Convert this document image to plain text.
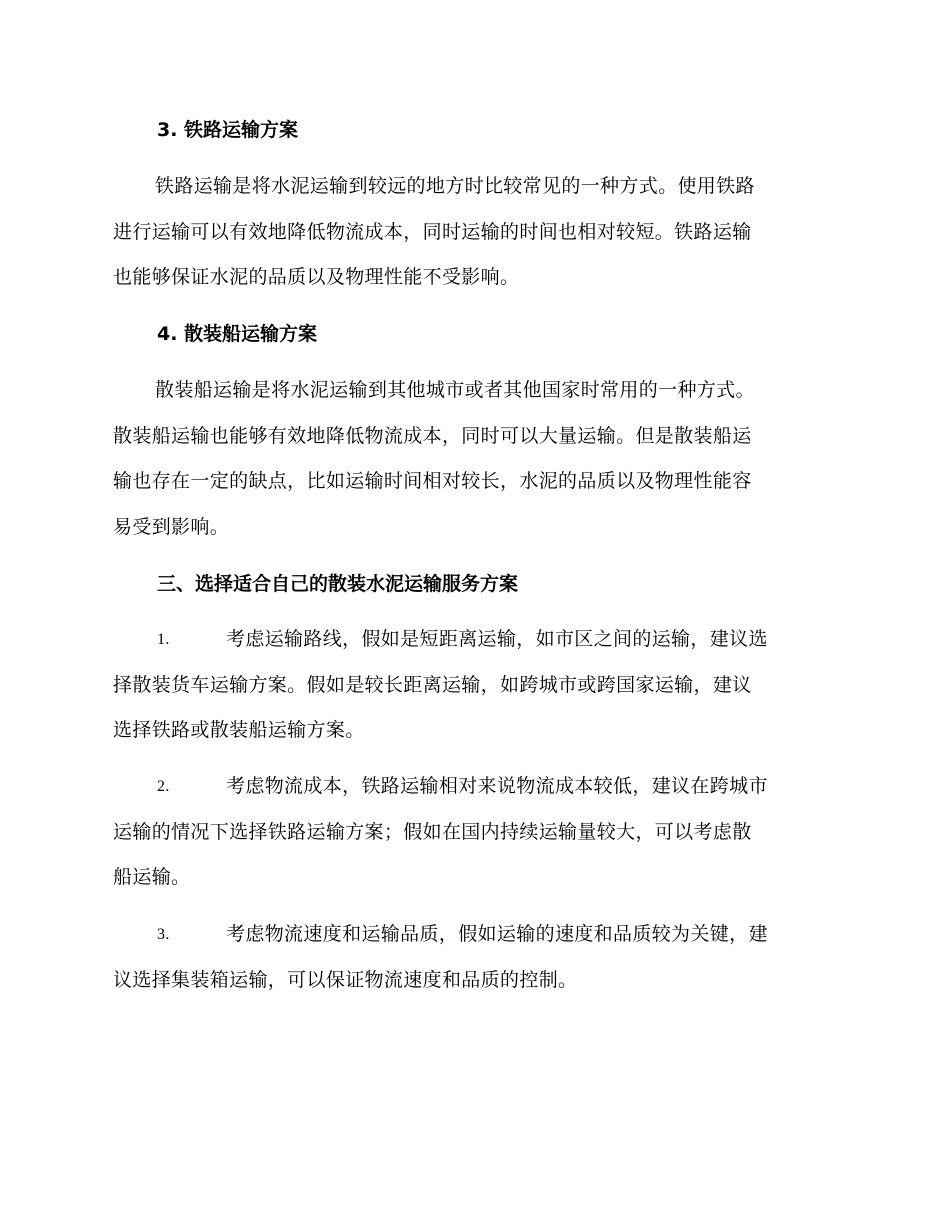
3. 铁路运输方案
铁路运输是将水泥运输到较远的地方时比较常见的一种方式。使用铁路
进行运输可以有效地降低物流成本，同时运输的时间也相对较短。铁路运输
也能够保证水泥的品质以及物理性能不受影响。
4. 散装船运输方案
散装船运输是将水泥运输到其他城市或者其他国家时常用的一种方式。
散装船运输也能够有效地降低物流成本，同时可以大量运输。但是散装船运
输也存在一定的缺点，比如运输时间相对较长，水泥的品质以及物理性能容
易受到影响。
三、选择适合自己的散装水泥运输服务方案
1.	考虑运输路线，假如是短距离运输，如市区之间的运输，建议选
择散装货车运输方案。假如是较长距离运输，如跨城市或跨国家运输，建议
选择铁路或散装船运输方案。
2.	考虑物流成本，铁路运输相对来说物流成本较低，建议在跨城市
运输的情况下选择铁路运输方案；假如在国内持续运输量较大，可以考虑散
船运输。
3.	考虑物流速度和运输品质，假如运输的速度和品质较为关键，建
议选择集装箱运输，可以保证物流速度和品质的控制。
